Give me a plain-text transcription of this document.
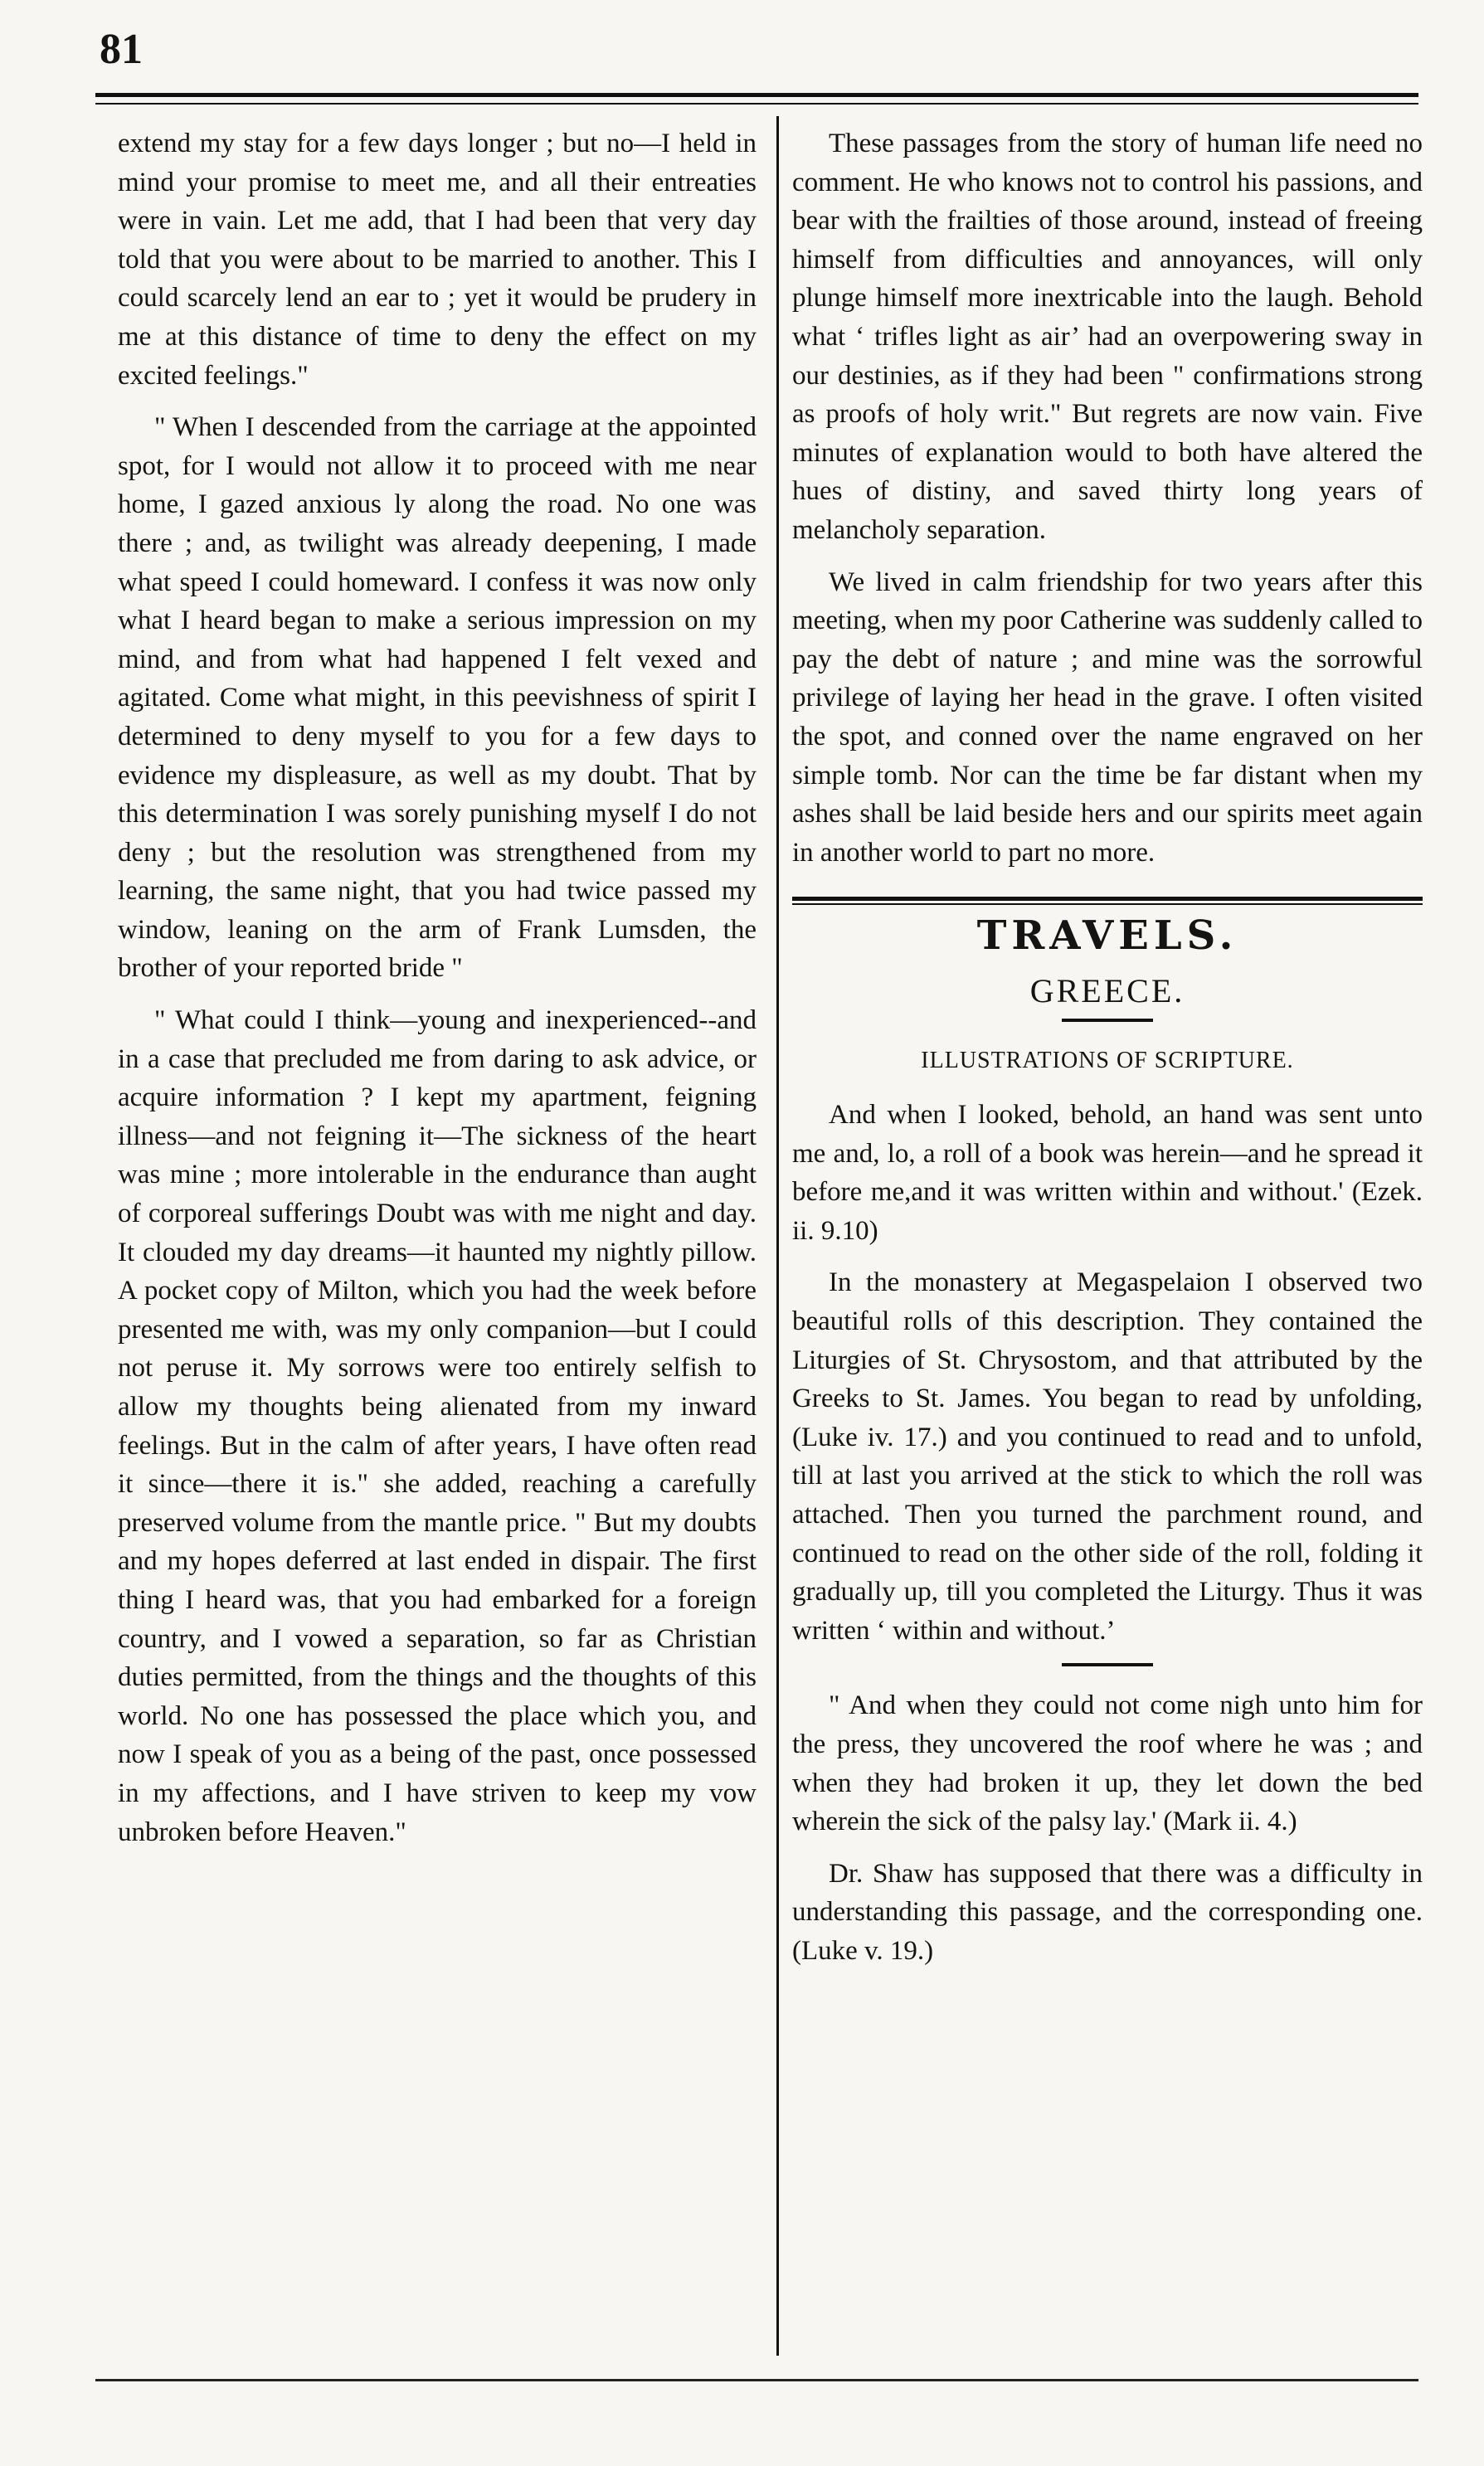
81

extend my stay for a few days longer ; but no—I held in mind your promise to meet me, and all their entreaties were in vain. Let me add, that I had been that very day told that you were about to be married to another. This I could scarcely lend an ear to ; yet it would be prudery in me at this distance of time to deny the effect on my excited feelings."

" When I descended from the carriage at the appointed spot, for I would not allow it to proceed with me near home, I gazed anxious ly along the road. No one was there ; and, as twilight was already deepening, I made what speed I could homeward. I confess it was now only what I heard began to make a serious impression on my mind, and from what had happened I felt vexed and agitated. Come what might, in this peevishness of spirit I determined to deny myself to you for a few days to evidence my displeasure, as well as my doubt. That by this determination I was sorely punishing myself I do not deny ; but the resolution was strengthened from my learning, the same night, that you had twice passed my window, leaning on the arm of Frank Lumsden, the brother of your reported bride "

" What could I think—young and inexperienced--and in a case that precluded me from daring to ask advice, or acquire information ? I kept my apartment, feigning illness—and not feigning it—The sickness of the heart was mine ; more intolerable in the endurance than aught of corporeal sufferings Doubt was with me night and day. It clouded my day dreams—it haunted my nightly pillow. A pocket copy of Milton, which you had the week before presented me with, was my only companion—but I could not peruse it. My sorrows were too entirely selfish to allow my thoughts being alienated from my inward feelings. But in the calm of after years, I have often read it since—there it is." she added, reaching a carefully preserved volume from the mantle price. " But my doubts and my hopes deferred at last ended in dispair. The first thing I heard was, that you had embarked for a foreign country, and I vowed a separation, so far as Christian duties permitted, from the things and the thoughts of this world. No one has possessed the place which you, and now I speak of you as a being of the past, once possessed in my affections, and I have striven to keep my vow unbroken before Heaven."

These passages from the story of human life need no comment. He who knows not to control his passions, and bear with the frailties of those around, instead of freeing himself from difficulties and annoyances, will only plunge himself more inextricable into the laugh. Behold what ‘ trifles light as air’ had an overpowering sway in our destinies, as if they had been " confirmations strong as proofs of holy writ." But regrets are now vain. Five minutes of explanation would to both have altered the hues of distiny, and saved thirty long years of melancholy separation.

We lived in calm friendship for two years after this meeting, when my poor Catherine was suddenly called to pay the debt of nature ; and mine was the sorrowful privilege of laying her head in the grave. I often visited the spot, and conned over the name engraved on her simple tomb. Nor can the time be far distant when my ashes shall be laid beside hers and our spirits meet again in another world to part no more.

TRAVELS.
GREECE.
ILLUSTRATIONS OF SCRIPTURE.

And when I looked, behold, an hand was sent unto me and, lo, a roll of a book was herein—and he spread it before me,and it was written within and without.' (Ezek. ii. 9.10)

In the monastery at Megaspelaion I observed two beautiful rolls of this description. They contained the Liturgies of St. Chrysostom, and that attributed by the Greeks to St. James. You began to read by unfolding, (Luke iv. 17.) and you continued to read and to unfold, till at last you arrived at the stick to which the roll was attached. Then you turned the parchment round, and continued to read on the other side of the roll, folding it gradually up, till you completed the Liturgy. Thus it was written ‘ within and without.’

" And when they could not come nigh unto him for the press, they uncovered the roof where he was ; and when they had broken it up, they let down the bed wherein the sick of the palsy lay.' (Mark ii. 4.)

Dr. Shaw has supposed that there was a difficulty in understanding this passage, and the corresponding one. (Luke v. 19.)
